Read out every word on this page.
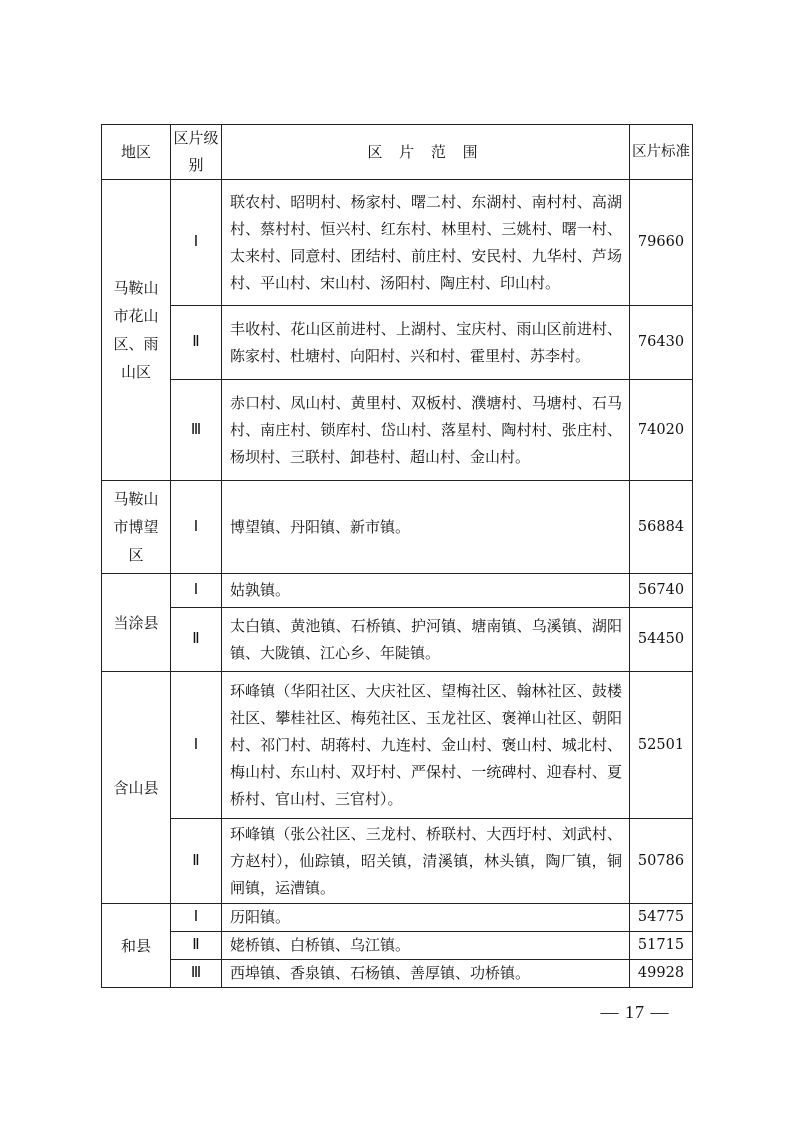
地区	区片级别	区 片 范 围	区片标准
马鞍山市花山区、雨山区	Ⅰ	联农村、昭明村、杨家村、曙二村、东湖村、南村村、高湖村、蔡村村、恒兴村、红东村、林里村、三姚村、曙一村、太来村、同意村、团结村、前庄村、安民村、九华村、芦场村、平山村、宋山村、汤阳村、陶庄村、印山村。	79660
	Ⅱ	丰收村、花山区前进村、上湖村、宝庆村、雨山区前进村、陈家村、杜塘村、向阳村、兴和村、霍里村、苏李村。	76430
	Ⅲ	赤口村、凤山村、黄里村、双板村、濮塘村、马塘村、石马村、南庄村、锁库村、岱山村、落星村、陶村村、张庄村、杨坝村、三联村、卸巷村、超山村、金山村。	74020
马鞍山市博望区	Ⅰ	博望镇、丹阳镇、新市镇。	56884
当涂县	Ⅰ	姑孰镇。	56740
	Ⅱ	太白镇、黄池镇、石桥镇、护河镇、塘南镇、乌溪镇、湖阳镇、大陇镇、江心乡、年陡镇。	54450
含山县	Ⅰ	环峰镇（华阳社区、大庆社区、望梅社区、翰林社区、鼓楼社区、攀桂社区、梅苑社区、玉龙社区、褒禅山社区、朝阳村、祁门村、胡蒋村、九连村、金山村、褒山村、城北村、梅山村、东山村、双圩村、严保村、一统碑村、迎春村、夏桥村、官山村、三官村）。	52501
	Ⅱ	环峰镇（张公社区、三龙村、桥联村、大西圩村、刘武村、方赵村），仙踪镇，昭关镇，清溪镇，林头镇，陶厂镇，铜闸镇，运漕镇。	50786
和县	Ⅰ	历阳镇。	54775
	Ⅱ	姥桥镇、白桥镇、乌江镇。	51715
	Ⅲ	西埠镇、香泉镇、石杨镇、善厚镇、功桥镇。	49928
— 17 —
